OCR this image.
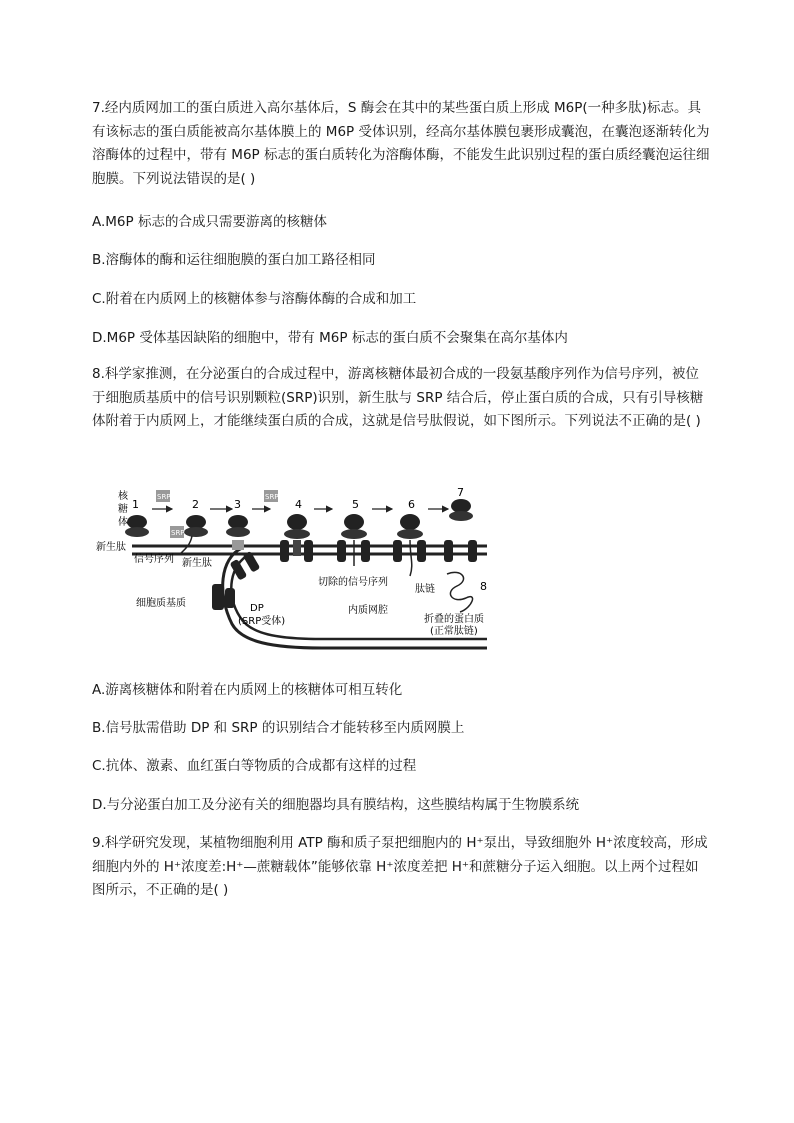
7.经内质网加工的蛋白质进入高尔基体后，S 酶会在其中的某些蛋白质上形成 M6P(一种多肽)标志。具有该标志的蛋白质能被高尔基体膜上的 M6P 受体识别，经高尔基体膜包裹形成囊泡，在囊泡逐渐转化为溶酶体的过程中，带有 M6P 标志的蛋白质转化为溶酶体酶，不能发生此识别过程的蛋白质经囊泡运往细胞膜。下列说法错误的是( )
A.M6P 标志的合成只需要游离的核糖体
B.溶酶体的酶和运往细胞膜的蛋白加工路径相同
C.附着在内质网上的核糖体参与溶酶体酶的合成和加工
D.M6P 受体基因缺陷的细胞中，带有 M6P 标志的蛋白质不会聚集在高尔基体内
8.科学家推测，在分泌蛋白的合成过程中，游离核糖体最初合成的一段氨基酸序列作为信号序列，被位于细胞质基质中的信号识别颗粒(SRP)识别，新生肽与 SRP 结合后，停止蛋白质的合成，只有引导核糖体附着于内质网上，才能继续蛋白质的合成，这就是信号肽假说，如下图所示。下列说法不正确的是( )
SRP
SRP
SRP
核
糖
体
1	2	3	4	5	6
7
8
新生肽
信号序列 新生肽
切除的信号序列
肽链
细胞质基质	DP
(SRP受体)
内质网腔
折叠的蛋白质
(正常肽链)
A.游离核糖体和附着在内质网上的核糖体可相互转化
B.信号肽需借助 DP 和 SRP 的识别结合才能转移至内质网膜上
C.抗体、激素、血红蛋白等物质的合成都有这样的过程
D.与分泌蛋白加工及分泌有关的细胞器均具有膜结构，这些膜结构属于生物膜系统
9.科学研究发现，某植物细胞利用 ATP 酶和质子泵把细胞内的 H⁺泵出，导致细胞外 H⁺浓度较高，形成细胞内外的 H⁺浓度差:H⁺—蔗糖载体”能够依靠 H⁺浓度差把 H⁺和蔗糖分子运入细胞。以上两个过程如图所示，不正确的是( )
